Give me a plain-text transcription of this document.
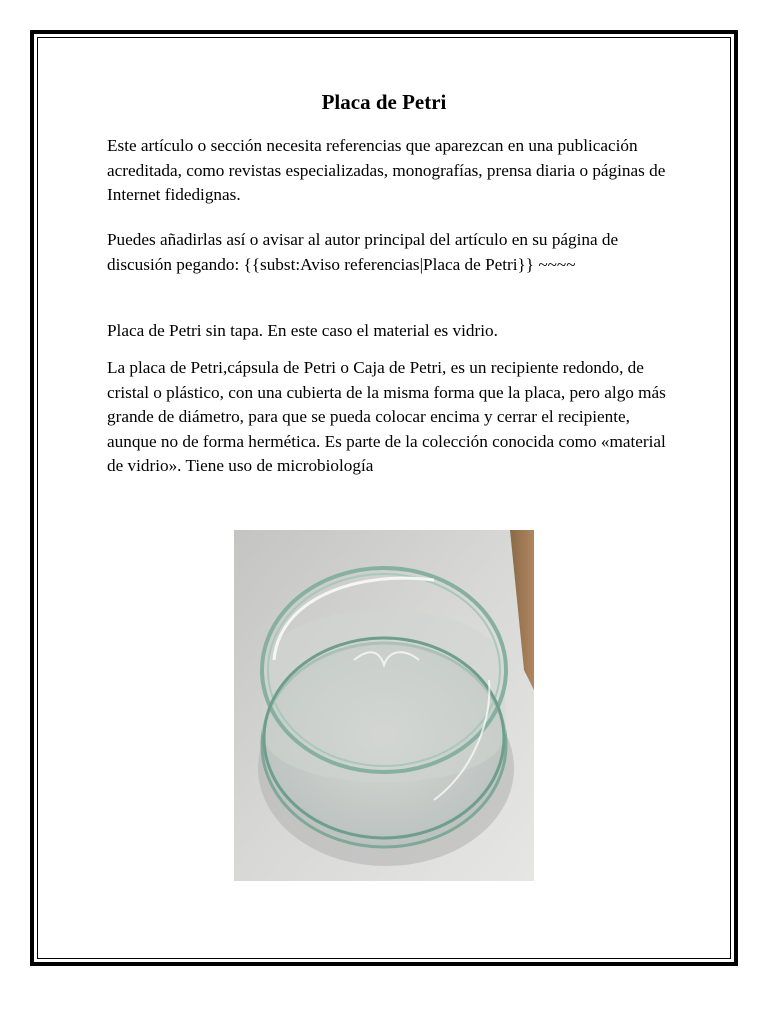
Placa de Petri

Este artículo o sección necesita referencias que aparezcan en una publicación acreditada, como revistas especializadas, monografías, prensa diaria o páginas de Internet fidedignas.

Puedes añadirlas así o avisar al autor principal del artículo en su página de discusión pegando: {{subst:Aviso referencias|Placa de Petri}} ~~~~

Placa de Petri sin tapa. En este caso el material es vidrio.

La placa de Petri,cápsula de Petri o Caja de Petri, es un recipiente redondo, de cristal o plástico, con una cubierta de la misma forma que la placa, pero algo más grande de diámetro, para que se pueda colocar encima y cerrar el recipiente, aunque no de forma hermética. Es parte de la colección conocida como «material de vidrio». Tiene uso de microbiología
